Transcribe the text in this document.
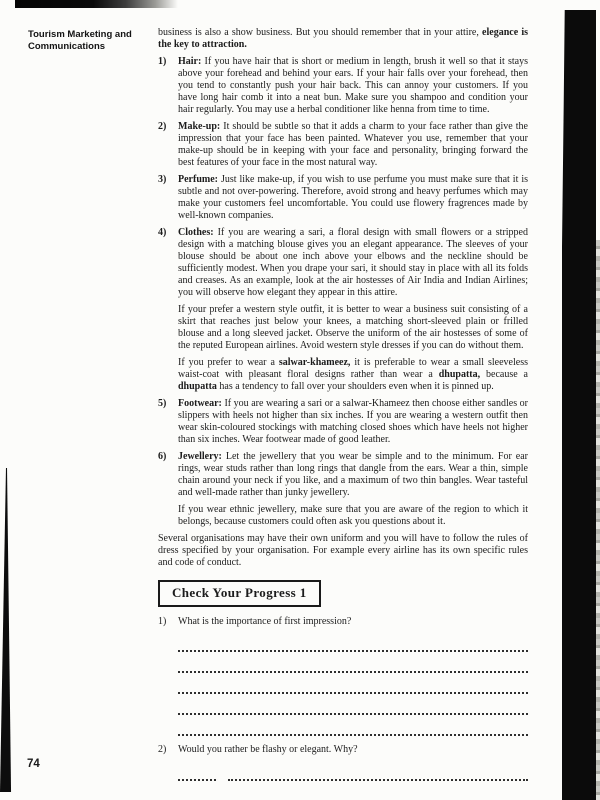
Tourism Marketing and
Communications

business is also a show business. But you should remember that in your attire, elegance is the key to attraction.

1)	Hair: If you have hair that is short or medium in length, brush it well so that it stays above your forehead and behind your ears. If your hair falls over your forehead, then you tend to constantly push your hair back. This can annoy your customers. If you have long hair comb it into a neat bun. Make sure you shampoo and condition your hair regularly. You may use a herbal conditioner like henna from time to time.
2)	Make-up: It should be subtle so that it adds a charm to your face rather than give the impression that your face has been painted. Whatever you use, remember that your make-up should be in keeping with your face and personality, bringing forward the best features of your face in the most natural way.
3)	Perfume: Just like make-up, if you wish to use perfume you must make sure that it is subtle and not over-powering. Therefore, avoid strong and heavy perfumes which may make your customers feel uncomfortable. You could use flowery fragrences made by well-known companies.
4)	Clothes: If you are wearing a sari, a floral design with small flowers or a stripped design with a matching blouse gives you an elegant appearance. The sleeves of your blouse should be about one inch above your elbows and the neckline should be sufficiently modest. When you drape your sari, it should stay in place with all its folds and creases. As an example, look at the air hostesses of Air India and Indian Airlines; you will observe how elegant they appear in this attire.

If your prefer a western style outfit, it is better to wear a business suit consisting of a skirt that reaches just below your knees, a matching short-sleeved plain or frilled blouse and a long sleeved jacket. Observe the uniform of the air hostesses of some of the reputed European airlines. Avoid western style dresses if you can do without them.

If you prefer to wear a salwar-khameez, it is preferable to wear a small sleeveless waist-coat with pleasant floral designs rather than wear a dhupatta, because a dhupatta has a tendency to fall over your shoulders even when it is pinned up.

5)	Footwear: If you are wearing a sari or a salwar-Khameez then choose either sandles or slippers with heels not higher than six inches. If you are wearing a western outfit then wear skin-coloured stockings with matching closed shoes which have heels not higher than six inches. Wear footwear made of good leather.
6)	Jewellery: Let the jewellery that you wear be simple and to the minimum. For ear rings, wear studs rather than long rings that dangle from the ears. Wear a thin, simple chain around your neck if you like, and a maximum of two thin bangles. Wear tasteful and well-made rather than junky jewellery.

If you wear ethnic jewellery, make sure that you are aware of the region to which it belongs, because customers could often ask you questions about it.

Several organisations may have their own uniform and you will have to follow the rules of dress specified by your organisation. For example every airline has its own specific rules and code of conduct.

Check Your Progress 1
1)	What is the importance of first impression?
2)	Would you rather be flashy or elegant. Why?
74
